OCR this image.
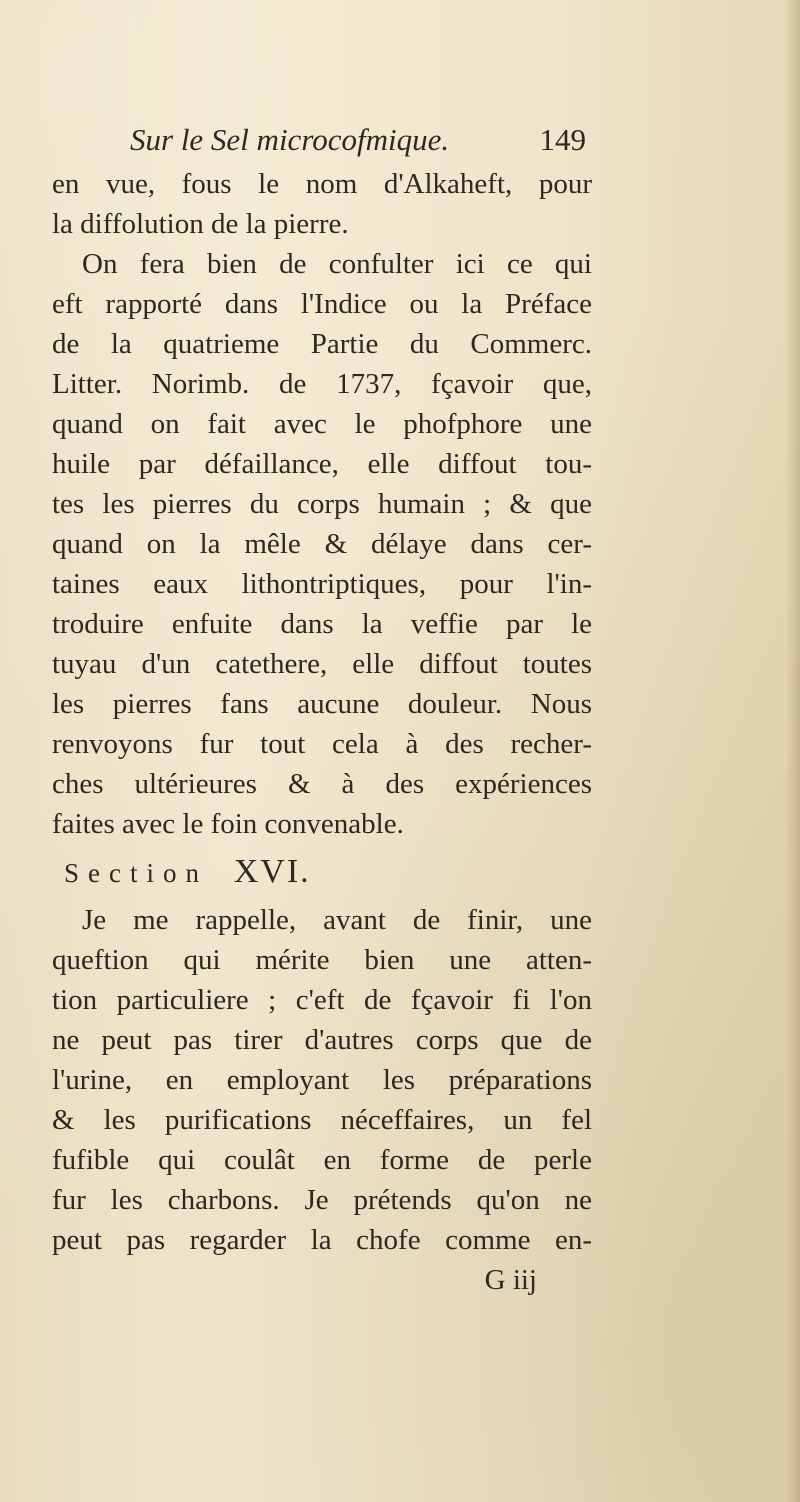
Sur le Sel microcofmique.	149
en vue, fous le nom d'Alkaheft, pour
la diffolution de la pierre.
On fera bien de confulter ici ce qui
eft rapporté dans l'Indice ou la Préface
de la quatrieme Partie du Commerc.
Litter. Norimb. de 1737, fçavoir que,
quand on fait avec le phofphore une
huile par défaillance, elle diffout tou-
tes les pierres du corps humain ; & que
quand on la mêle & délaye dans cer-
taines eaux lithontriptiques, pour l'in-
troduire enfuite dans la veffie par le
tuyau d'un catethere, elle diffout toutes
les pierres fans aucune douleur. Nous
renvoyons fur tout cela à des recher-
ches ultérieures & à des expériences
faites avec le foin convenable.
Section XVI.
Je me rappelle, avant de finir, une
queftion qui mérite bien une atten-
tion particuliere ; c'eft de fçavoir fi l'on
ne peut pas tirer d'autres corps que de
l'urine, en employant les préparations
& les purifications néceffaires, un fel
fufible qui coulât en forme de perle
fur les charbons. Je prétends qu'on ne
peut pas regarder la chofe comme en-
G iij
